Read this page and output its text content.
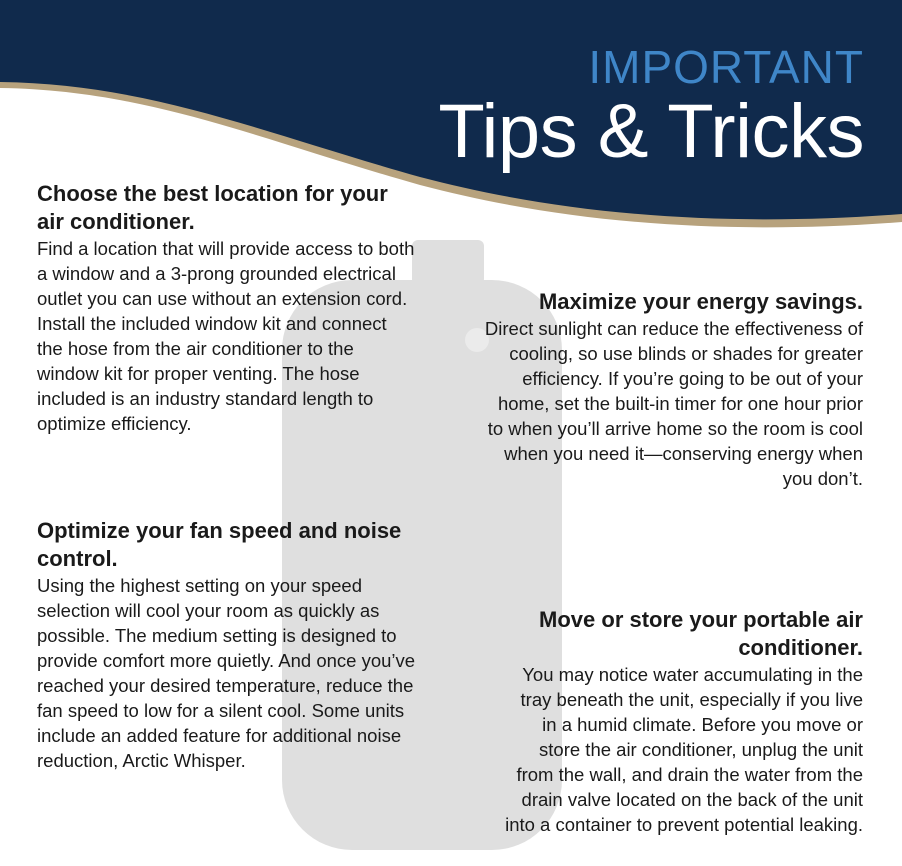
IMPORTANT
Tips & Tricks
Choose the best location for your air conditioner.

Find a location that will provide access to both a window and a 3-prong grounded electrical outlet you can use without an extension cord. Install the included window kit and connect the hose from the air conditioner to the window kit for proper venting. The hose included is an industry standard length to optimize efficiency.

Optimize your fan speed and noise control.

Using the highest setting on your speed selection will cool your room as quickly as possible. The medium setting is designed to provide comfort more quietly. And once you’ve reached your desired temperature, reduce the fan speed to low for a silent cool. Some units include an added feature for additional noise reduction, Arctic Whisper.

Maximize your energy savings.

Direct sunlight can reduce the effectiveness of cooling, so use blinds or shades for greater efficiency. If you’re going to be out of your home, set the built-in timer for one hour prior to when you’ll arrive home so the room is cool when you need it—conserving energy when you don’t.

Move or store your portable air conditioner.

You may notice water accumulating in the tray beneath the unit, especially if you live in a humid climate. Before you move or store the air conditioner, unplug the unit from the wall, and drain the water from the drain valve located on the back of the unit into a container to prevent potential leaking.
